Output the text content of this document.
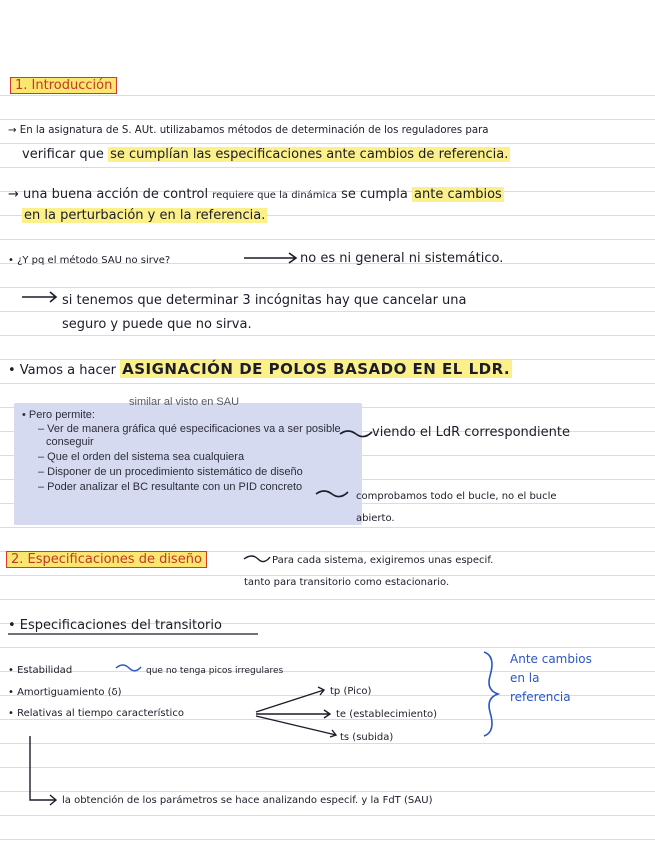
1. Introducción
→ En la asignatura de S. AUt. utilizabamos métodos de determinación de los reguladores para
verificar que se cumplían las especificaciones ante cambios de referencia.
→ una buena acción de control requiere que la dinámica se cumpla ante cambios
en la perturbación y en la referencia.
• ¿Y pq el método SAU no sirve?	no es ni general ni sistemático.
si tenemos que determinar 3 incógnitas hay que cancelar una
seguro y puede que no sirva.
• Vamos a hacer ASIGNACIÓN DE POLOS BASADO EN EL LDR.
similar al visto en SAU
• Pero permite:
– Ver de manera gráfica qué especificaciones va a ser posible
conseguir
– Que el orden del sistema sea cualquiera
– Disponer de un procedimiento sistemático de diseño
– Poder analizar el BC resultante con un PID concreto
viendo el LdR correspondiente
comprobamos todo el bucle, no el bucle
abierto.
2. Especificaciones de diseño	Para cada sistema, exigiremos unas especif.
tanto para transitorio como estacionario.
• Especificaciones del transitorio
• Estabilidad
• Amortiguamiento (δ)
• Relativas al tiempo característico
que no tenga picos irregulares
tp (Pico)
te (establecimiento)
ts (subida)
Ante cambios
en la
referencia
la obtención de los parámetros se hace analizando especif. y la FdT (SAU)
